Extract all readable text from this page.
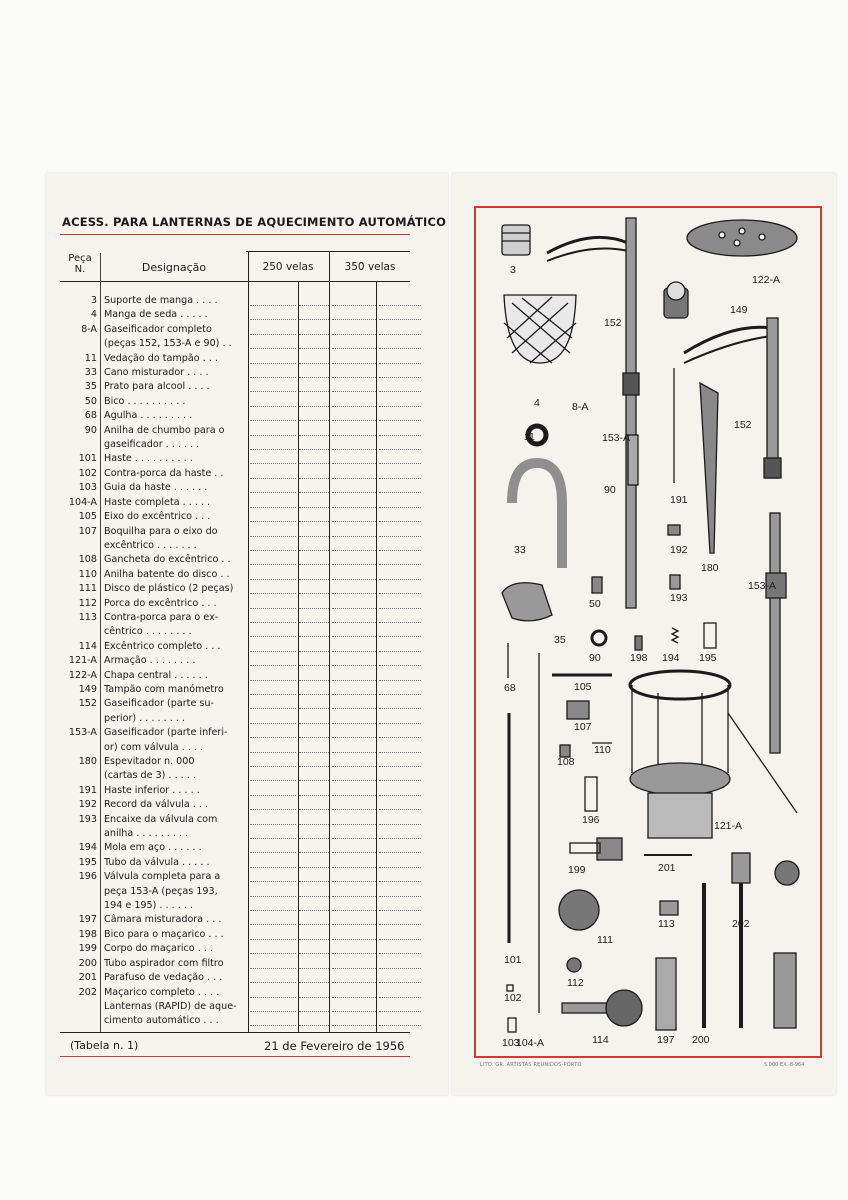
ACESS. PARA LANTERNAS DE AQUECIMENTO AUTOMÁTICO
Peça
N.	Designação	250 velas	350 velas
3 Suporte de manga . . . .
4 Manga de seda . . . . .
8-A Gaseificador completo
(peças 152, 153-A e 90) . .
11 Vedação do tampão . . .
33 Cano misturador . . . .
35 Prato para alcool . . . .
50 Bico . . . . . . . . . .
68 Agulha . . . . . . . . .
90 Anilha de chumbo para o
gaseificador . . . . . .
101 Haste . . . . . . . . . .
102 Contra-porca da haste . .
103 Guia da haste . . . . . .
104-A Haste completa . . . . .
105 Eixo do excêntrico . . .
107 Boquilha para o eixo do
excêntrico . . . . . . .
108 Gancheta do excêntrico . .
110 Anilha batente do disco . .
111 Disco de plástico (2 peças)
112 Porca do excêntrico . . .
113 Contra-porca para o ex-
cêntrico . . . . . . . .
114 Excêntrico completo . . .
121-A Armação . . . . . . . .
122-A Chapa central . . . . . .
149 Tampão com manómetro
152 Gaseificador (parte su-
perior) . . . . . . . .
153-A Gaseificador (parte inferi-
or) com válvula . . . .
180 Espevitador n. 000
(cartas de 3) . . . . .
191 Haste inferior . . . . .
192 Record da válvula . . .
193 Encaixe da válvula com
anilha . . . . . . . . .
194 Mola em aço . . . . . .
195 Tubo da válvula . . . . .
196 Válvula completa para a
peça 153-A (peças 193,
194 e 195) . . . . . .
197 Câmara misturadora . . .
198 Bico para o maçarico . . .
199 Corpo do maçarico . . .
200 Tubo aspirador com filtro
201 Parafuso de vedação . . .
202 Maçarico completo . . . .
Lanternas (RAPID) de aque-
cimento automático . . .
(Tabela n. 1)	21 de Fevereiro de 1956
3
122-A
149
152
4	8-A
153-A
11
90
191
152
33	192
180
50	193
153-A
35
90	198 194 195
68	105
107
110
108
196	121-A
199	201
101
111
113	202
112
102
103
104-A	114	197 200
LITO. GR. ARTISTAS REUNIDOS-PORTO	5.000 EX.-8-964
